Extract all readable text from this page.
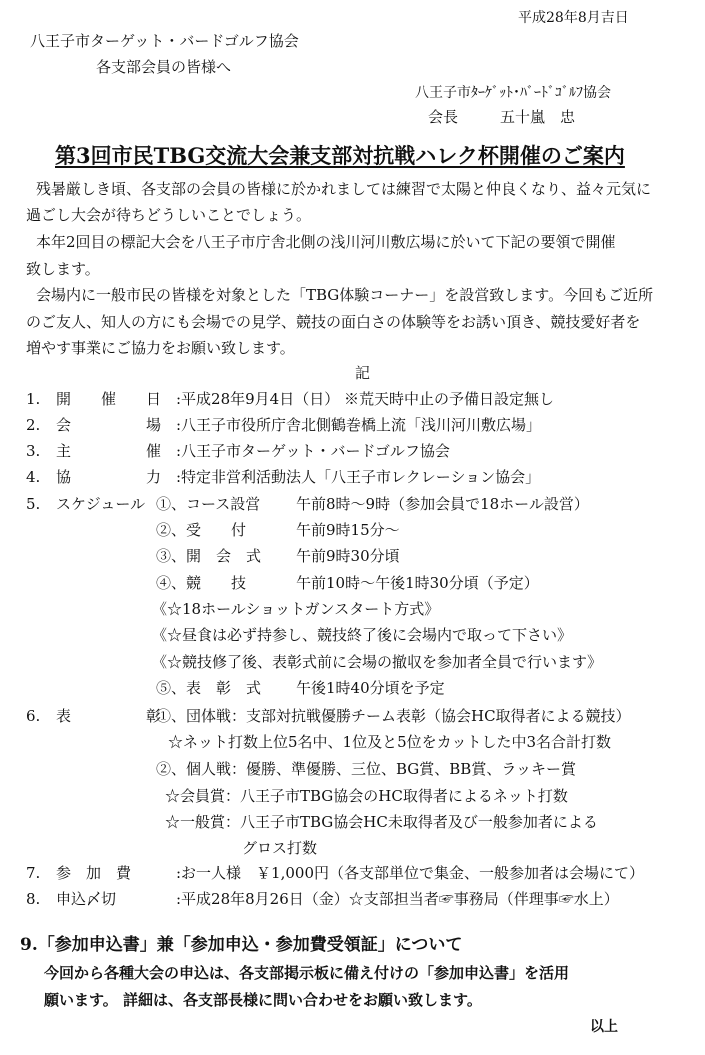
平成28年8月吉日
八王子市ターゲット・バードゴルフ協会
各支部会員の皆様へ
八王子市ﾀｰｹﾞｯﾄ･ﾊﾞｰﾄﾞｺﾞﾙﾌ協会
会長	五十嵐　忠
第3回市民TBG交流大会兼支部対抗戦ハレク杯開催のご案内
残暑厳しき頃、各支部の会員の皆様に於かれましては練習で太陽と仲良くなり、益々元気に
過ごし大会が待ちどうしいことでしょう。
本年2回目の標記大会を八王子市庁舎北側の浅川河川敷広場に於いて下記の要領で開催
致します。
会場内に一般市民の皆様を対象とした「TBG体験コーナー」を設営致します。今回もご近所
のご友人、知人の方にも会場での見学、競技の面白さの体験等をお誘い頂き、競技愛好者を
増やす事業にご協力をお願い致します。
記
1. 開　　催　　日 :平成28年9月4日（日） ※荒天時中止の予備日設定無し
2. 会　　　　　場 :八王子市役所庁舎北側鶴巻橋上流「浅川河川敷広場」
3. 主　　　　　催 :八王子市ターゲット・バードゴルフ協会
4. 協　　　　　力 :特定非営利活動法人「八王子市レクレーション協会」
5. スケジュール ①、コース設営 午前8時～9時（参加会員で18ホール設営）
②、受　　付	午前9時15分～
③、開　会　式 午前9時30分頃
④、競　　技	午前10時～午後1時30分頃（予定）
《☆18ホールショットガンスタート方式》
《☆昼食は必ず持参し、競技終了後に会場内で取って下さい》
《☆競技修了後、表彰式前に会場の撤収を参加者全員で行います》
⑤、表　彰　式 午後1時40分頃を予定
6. 表　　　　　彰
①、団体戦：支部対抗戦優勝チーム表彰（協会HC取得者による競技）
☆ネット打数上位5名中、1位及と5位をカットした中3名合計打数
②、個人戦：優勝、準優勝、三位、BG賞、BB賞、ラッキー賞
☆会員賞：八王子市TBG協会のHC取得者によるネット打数
☆一般賞：八王子市TBG協会HC未取得者及び一般参加者による
グロス打数
7. 参　加　費	:お一人様　￥1,000円（各支部単位で集金、一般参加者は会場にて）
8. 申込〆切	:平成28年8月26日（金）☆支部担当者☞事務局（伴理事☞水上）
9.「参加申込書」兼「参加申込・参加費受領証」について
今回から各種大会の申込は、各支部掲示板に備え付けの「参加申込書」を活用
願います。 詳細は、各支部長様に問い合わせをお願い致します。
以上
